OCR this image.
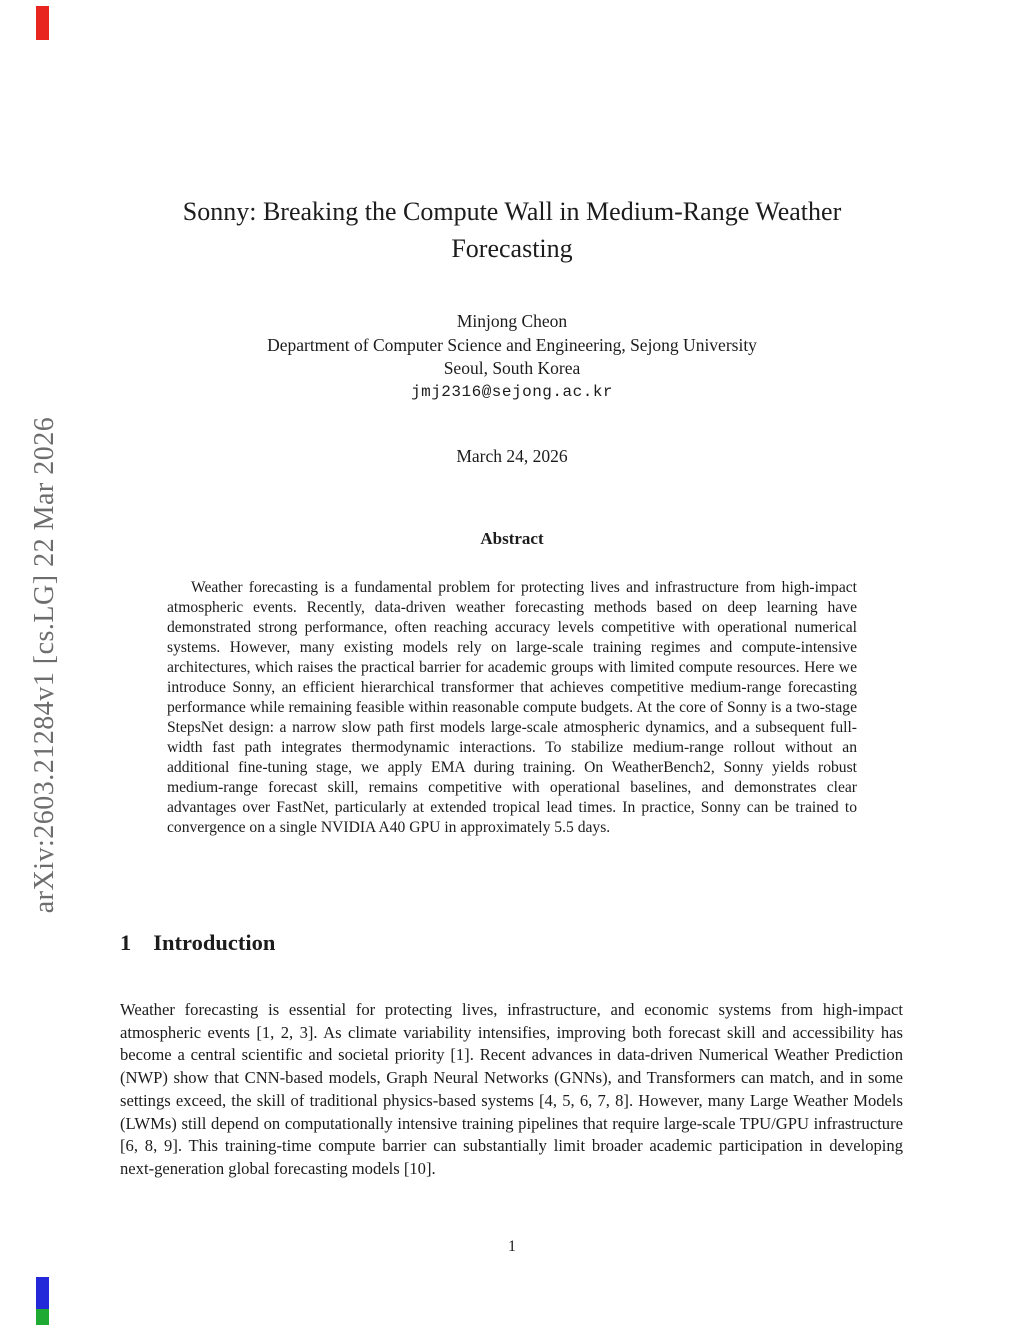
arXiv:2603.21284v1 [cs.LG] 22 Mar 2026
Sonny: Breaking the Compute Wall in Medium-Range Weather Forecasting
Minjong Cheon
Department of Computer Science and Engineering, Sejong University
Seoul, South Korea
jmj2316@sejong.ac.kr
March 24, 2026
Abstract

Weather forecasting is a fundamental problem for protecting lives and infrastructure from high-impact atmospheric events. Recently, data-driven weather forecasting methods based on deep learning have demonstrated strong performance, often reaching accuracy levels competitive with operational numerical systems. However, many existing models rely on large-scale training regimes and compute-intensive architectures, which raises the practical barrier for academic groups with limited compute resources. Here we introduce Sonny, an efficient hierarchical transformer that achieves competitive medium-range forecasting performance while remaining feasible within reasonable compute budgets. At the core of Sonny is a two-stage StepsNet design: a narrow slow path first models large-scale atmospheric dynamics, and a subsequent full-width fast path integrates thermodynamic interactions. To stabilize medium-range rollout without an additional fine-tuning stage, we apply EMA during training. On WeatherBench2, Sonny yields robust medium-range forecast skill, remains competitive with operational baselines, and demonstrates clear advantages over FastNet, particularly at extended tropical lead times. In practice, Sonny can be trained to convergence on a single NVIDIA A40 GPU in approximately 5.5 days.

1 Introduction

Weather forecasting is essential for protecting lives, infrastructure, and economic systems from high-impact atmospheric events [1, 2, 3]. As climate variability intensifies, improving both forecast skill and accessibility has become a central scientific and societal priority [1]. Recent advances in data-driven Numerical Weather Prediction (NWP) show that CNN-based models, Graph Neural Networks (GNNs), and Transformers can match, and in some settings exceed, the skill of traditional physics-based systems [4, 5, 6, 7, 8]. However, many Large Weather Models (LWMs) still depend on computationally intensive training pipelines that require large-scale TPU/GPU infrastructure [6, 8, 9]. This training-time compute barrier can substantially limit broader academic participation in developing next-generation global forecasting models [10].

1
